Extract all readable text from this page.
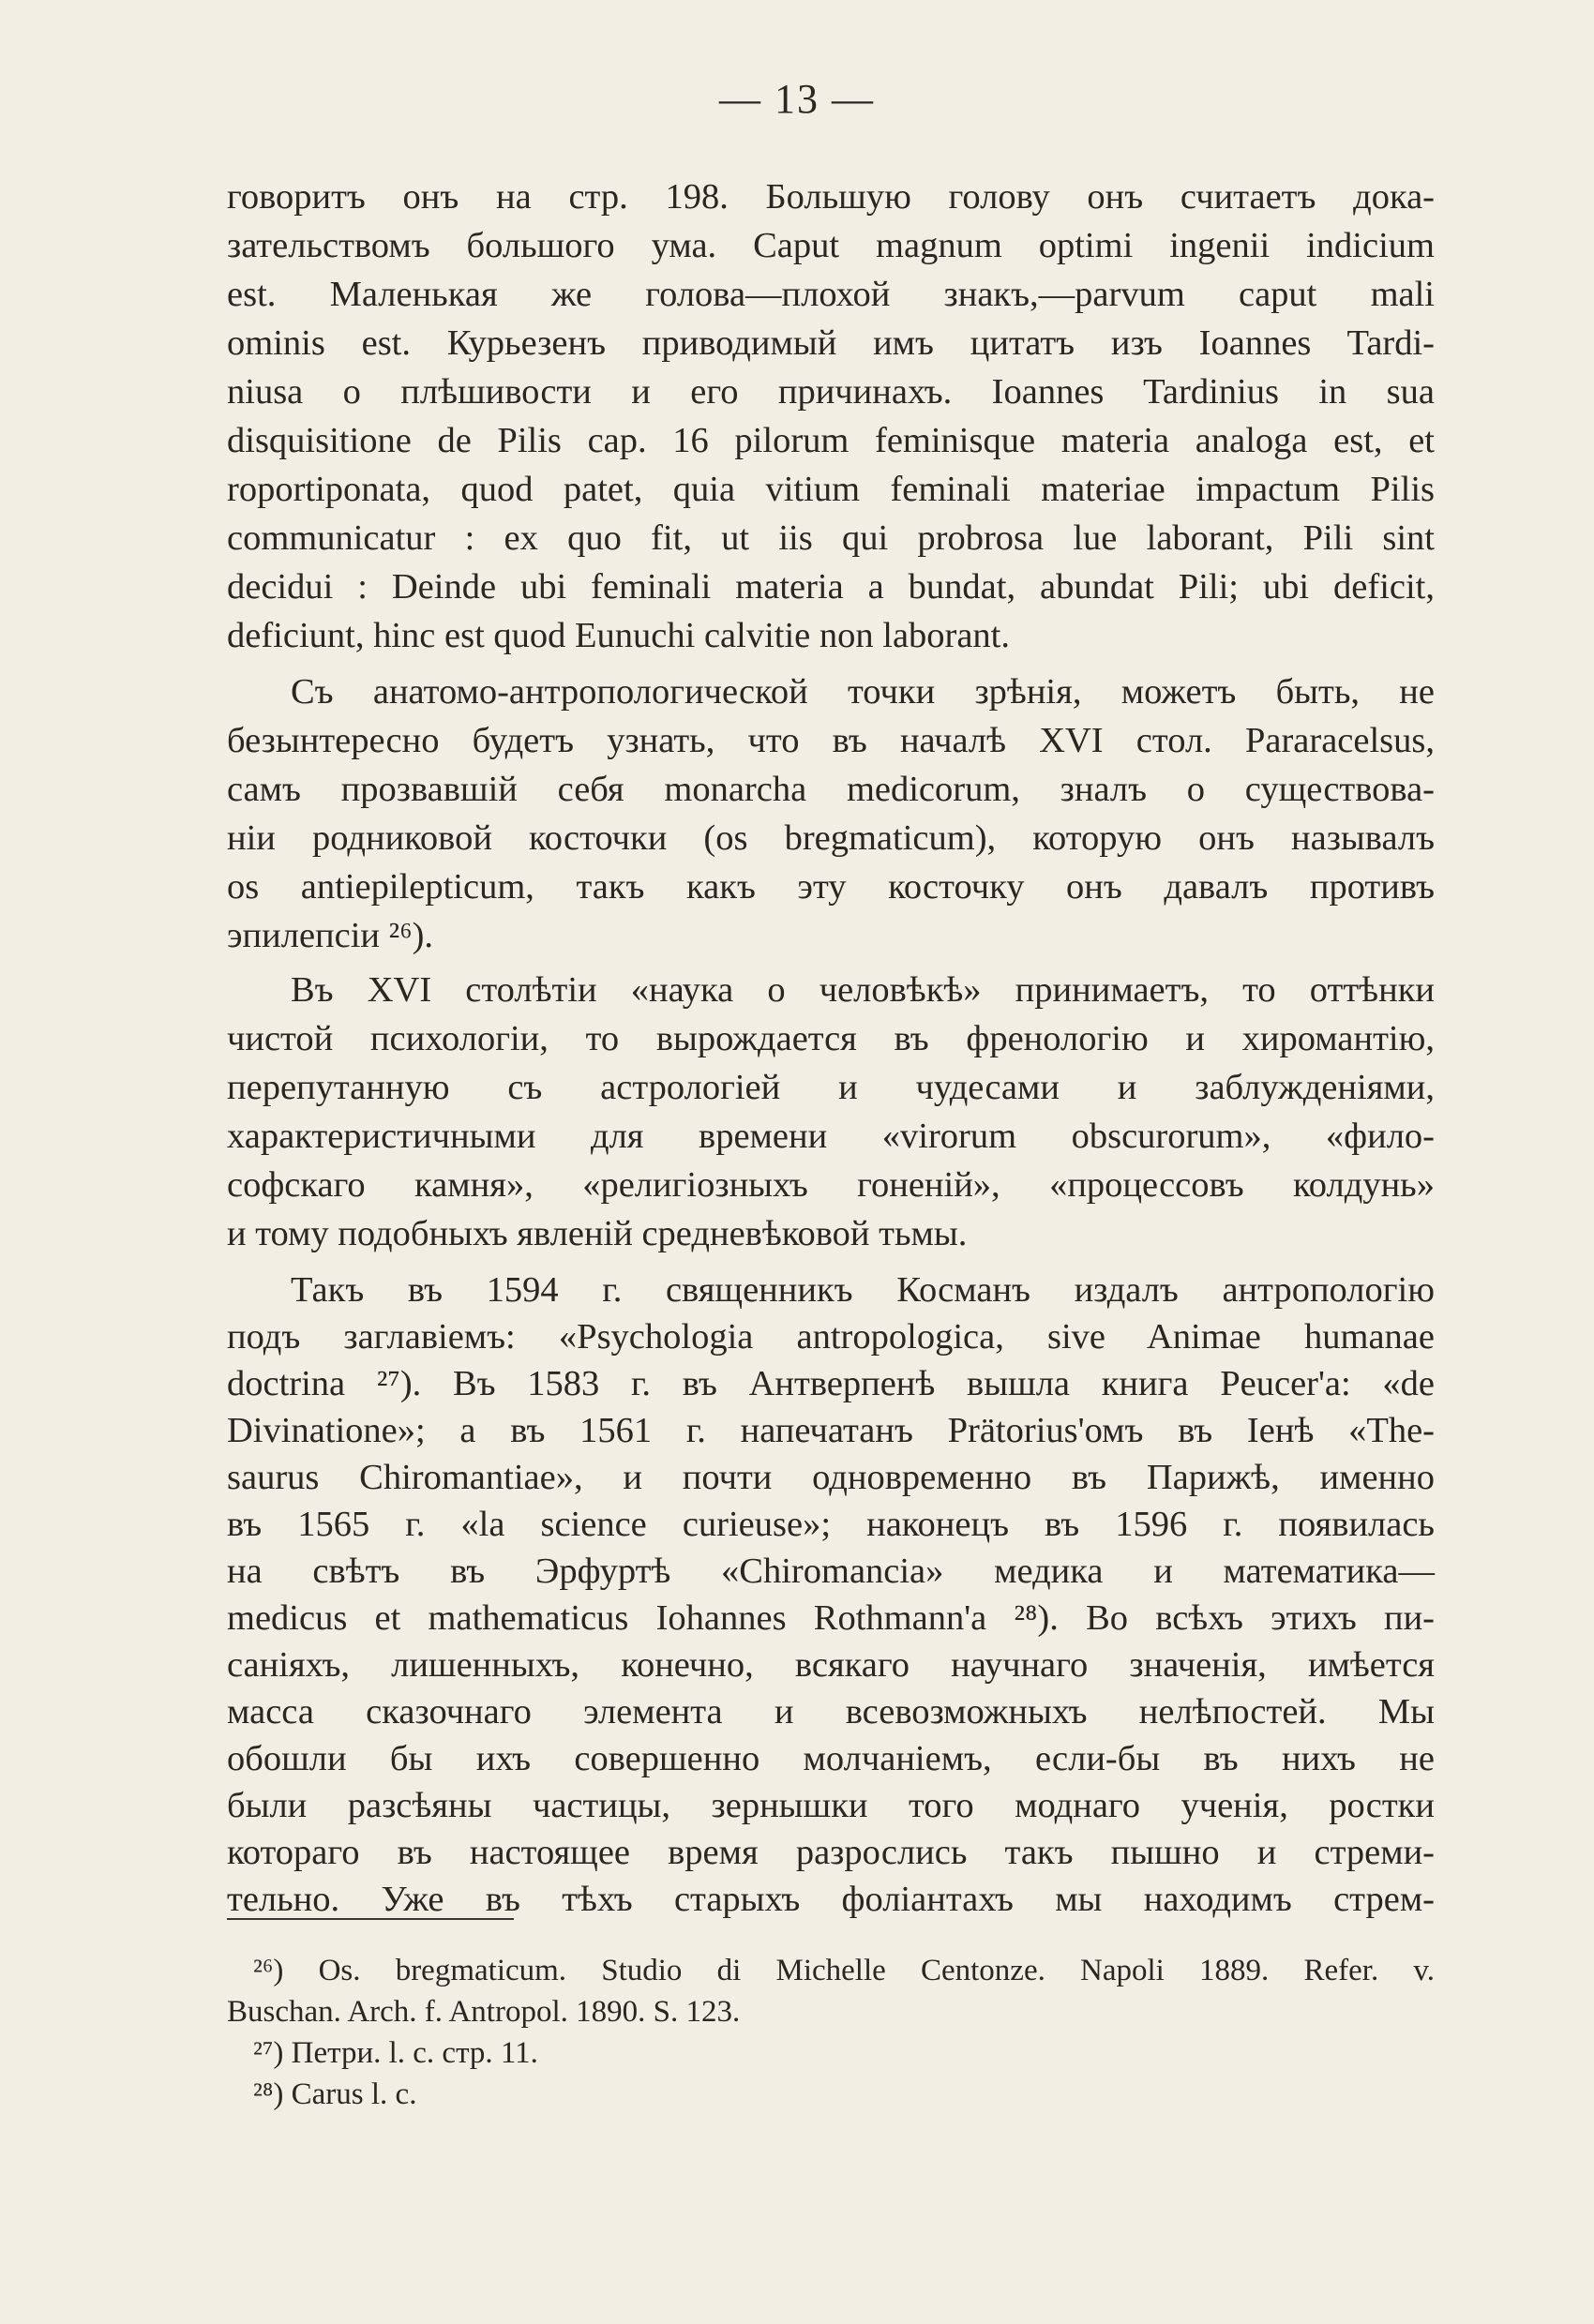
— 13 —
говоритъ онъ на стр. 198. Большую голову онъ считаетъ дока-
зательствомъ большого ума. Caput magnum optimi ingenii indicium
est. Маленькая же голова—плохой знакъ,—parvum caput mali
ominis est. Курьезенъ приводимый имъ цитатъ изъ Ioannes Tardi-
niusа о плѣшивости и его причинахъ. Ioannes Tardinius in sua
disquisitione de Pilis cap. 16 pilorum feminisque materia analoga est, et
roportiponata, quod patet, quia vitium feminali materiae impactum Pilis
communicatur : ex quo fit, ut iis qui probrosa lue laborant, Pili sint
decidui : Deinde ubi feminali materia a bundat, abundat Pili; ubi deficit,
deficiunt, hinc est quod Eunuchi calvitie non laborant.
Съ анатомо-антропологической точки зрѣнія, можетъ быть, не
безынтересно будетъ узнать, что въ началѣ XVI стол. Pararacelsus,
самъ прозвавшій себя monarcha medicorum, зналъ о существова-
ніи родниковой косточки (os bregmaticum), которую онъ называлъ
os antiepilepticum, такъ какъ эту косточку онъ давалъ противъ
эпилепсіи ²⁶).
Въ XVI столѣтіи «наука о человѣкѣ» принимаетъ, то оттѣнки
чистой психологіи, то вырождается въ френологію и хиромантію,
перепутанную съ астрологіей и чудесами и заблужденіями,
характеристичными для времени «virorum obscurorum», «фило-
софскаго камня», «религіозныхъ гоненій», «процессовъ колдунь»
и тому подобныхъ явленій средневѣковой тьмы.
Такъ въ 1594 г. священникъ Косманъ издалъ антропологію
подъ заглавіемъ: «Psychologia antropologica, sive Animae humanae
doctrina ²⁷). Въ 1583 г. въ Антверпенѣ вышла книга Peucer'a: «de
Divinatione»; а въ 1561 г. напечатанъ Prätorius'омъ въ Іенѣ «Thе-
saurus Chiromantiae», и почти одновременно въ Парижѣ, именно
въ 1565 г. «la science curieuse»; наконецъ въ 1596 г. появилась
на свѣтъ въ Эрфуртѣ «Chiromancia» медика и математика—
medicus et mathematicus Iohannes Rothmann'a ²⁸). Во всѣхъ этихъ пи-
саніяхъ, лишенныхъ, конечно, всякаго научнаго значенія, имѣется
масса сказочнаго элемента и всевозможныхъ нелѣпостей. Мы
обошли бы ихъ совершенно молчаніемъ, если-бы въ нихъ не
были разсѣяны частицы, зернышки того моднаго ученія, ростки
котораго въ настоящее время разрослись такъ пышно и стреми-
тельно. Уже въ тѣхъ старыхъ фоліантахъ мы находимъ стрем-
²⁶) Os. bregmaticum. Studio di Michelle Centonze. Napoli 1889. Refer. v.
Buschan. Arch. f. Antropol. 1890. S. 123.
²⁷) Петри. l. c. стр. 11.
²⁸) Carus l. c.
